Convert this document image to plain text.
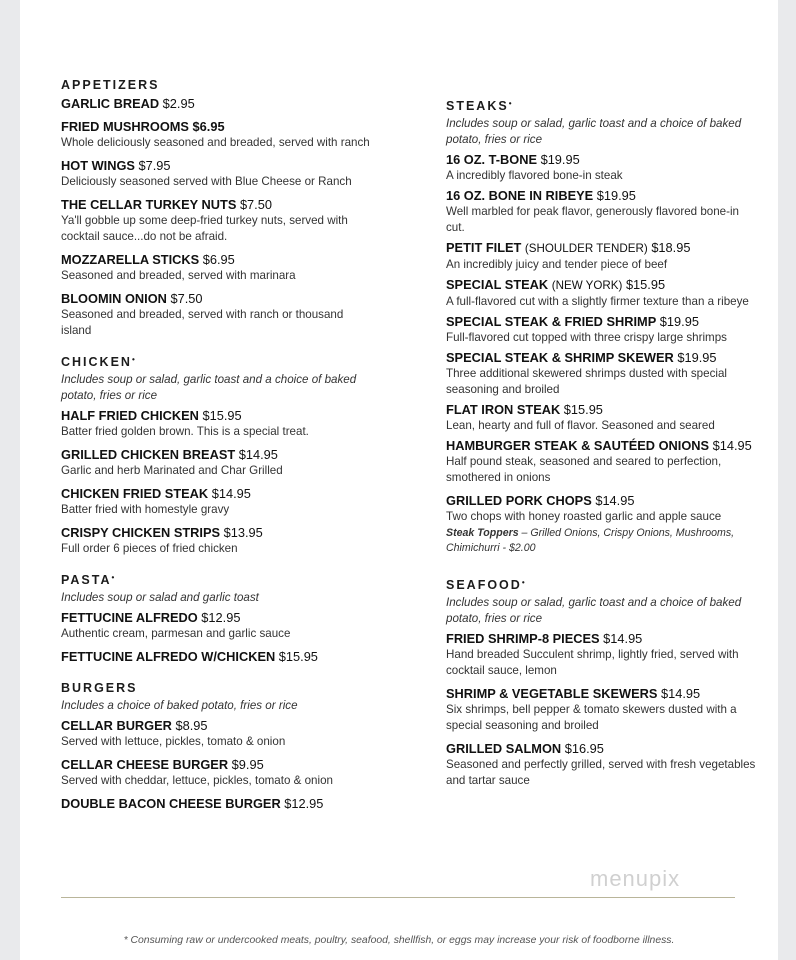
APPETIZERS
GARLIC BREAD $2.95
FRIED MUSHROOMS $6.95
Whole deliciously seasoned and breaded, served with ranch
HOT WINGS $7.95
Deliciously seasoned served with Blue Cheese or Ranch
THE CELLAR TURKEY NUTS $7.50
Ya'll gobble up some deep-fried turkey nuts, served with cocktail sauce...do not be afraid.
MOZZARELLA STICKS $6.95
Seasoned and breaded, served with marinara
BLOOMIN ONION $7.50
Seasoned and breaded, served with ranch or thousand island
CHICKEN•
Includes soup or salad, garlic toast and a choice of baked potato, fries or rice
HALF FRIED CHICKEN $15.95
Batter fried golden brown. This is a special treat.
GRILLED CHICKEN BREAST $14.95
Garlic and herb Marinated and Char Grilled
CHICKEN FRIED STEAK $14.95
Batter fried with homestyle gravy
CRISPY CHICKEN STRIPS $13.95
Full order 6 pieces of fried chicken
PASTA•
Includes soup or salad and garlic toast
FETTUCINE ALFREDO $12.95
Authentic cream, parmesan and garlic sauce
FETTUCINE ALFREDO W/CHICKEN $15.95
BURGERS
Includes a choice of baked potato, fries or rice
CELLAR BURGER $8.95
Served with lettuce, pickles, tomato & onion
CELLAR CHEESE BURGER $9.95
Served with cheddar, lettuce, pickles, tomato & onion
DOUBLE BACON CHEESE BURGER $12.95
STEAKS•
Includes soup or salad, garlic toast and a choice of baked potato, fries or rice
16 OZ. T-BONE $19.95
A incredibly flavored bone-in steak
16 OZ. BONE IN RIBEYE $19.95
Well marbled for peak flavor, generously flavored bone-in cut.
PETIT FILET (SHOULDER TENDER) $18.95
An incredibly juicy and tender piece of beef
SPECIAL STEAK (NEW YORK) $15.95
A full-flavored cut with a slightly firmer texture than a ribeye
SPECIAL STEAK & FRIED SHRIMP $19.95
Full-flavored cut topped with three crispy large shrimps
SPECIAL STEAK & SHRIMP SKEWER $19.95
Three additional skewered shrimps dusted with special seasoning and broiled
FLAT IRON STEAK $15.95
Lean, hearty and full of flavor. Seasoned and seared
HAMBURGER STEAK & SAUTÉED ONIONS $14.95
Half pound steak, seasoned and seared to perfection, smothered in onions
GRILLED PORK CHOPS $14.95
Two chops with honey roasted garlic and apple sauce
Steak Toppers – Grilled Onions, Crispy Onions, Mushrooms, Chimichurri - $2.00
SEAFOOD•
Includes soup or salad, garlic toast and a choice of baked potato, fries or rice
FRIED SHRIMP-8 PIECES $14.95
Hand breaded Succulent shrimp, lightly fried, served with cocktail sauce, lemon
SHRIMP & VEGETABLE SKEWERS $14.95
Six shrimps, bell pepper & tomato skewers dusted with a special seasoning and broiled
GRILLED SALMON $16.95
Seasoned and perfectly grilled, served with fresh vegetables and tartar sauce
menupix
* Consuming raw or undercooked meats, poultry, seafood, shellfish, or eggs may increase your risk of foodborne illness.
